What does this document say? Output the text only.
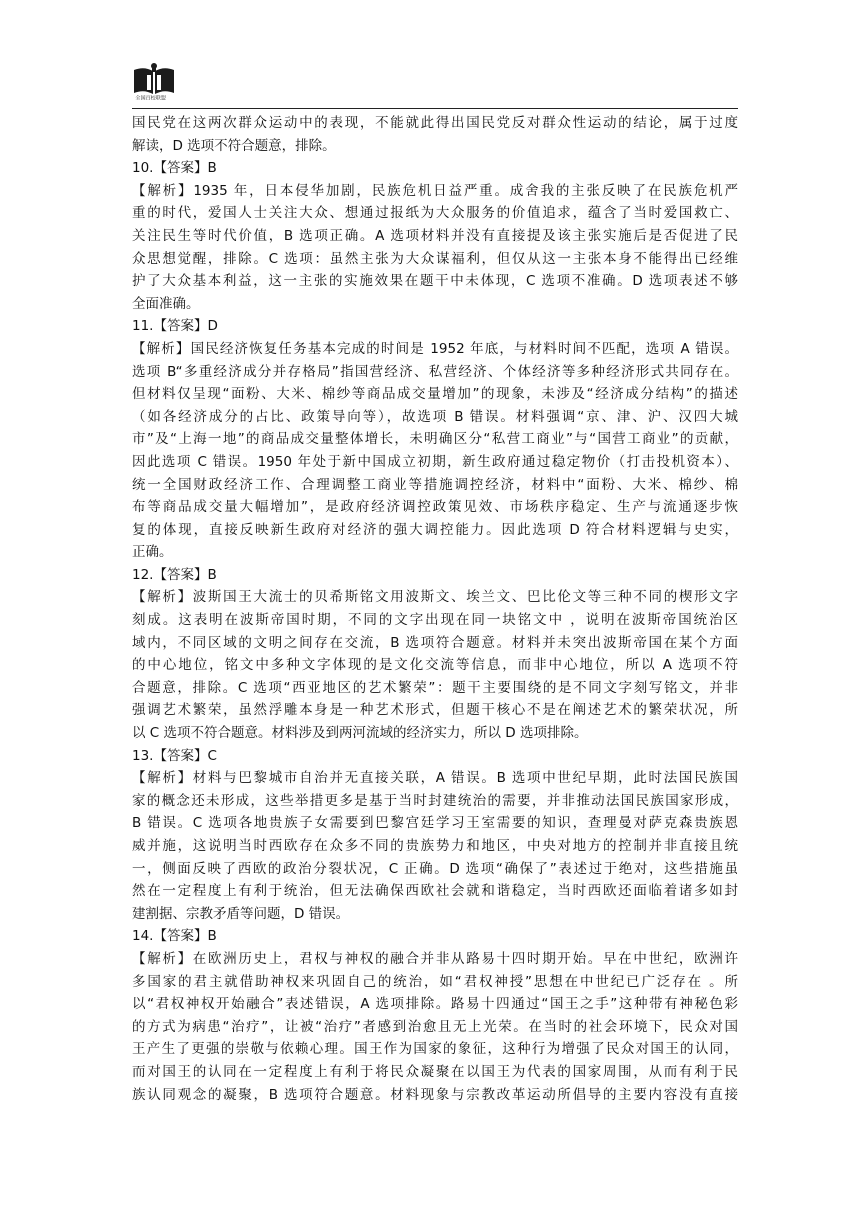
全国百校联盟
国民党在这两次群众运动中的表现，不能就此得出国民党反对群众性运动的结论，属于过度
解读，D 选项不符合题意，排除。
10.【答案】B
【解析】1935 年，日本侵华加剧，民族危机日益严重。成舍我的主张反映了在民族危机严
重的时代，爱国人士关注大众、想通过报纸为大众服务的价值追求，蕴含了当时爱国救亡、
关注民生等时代价值，B 选项正确。A 选项材料并没有直接提及该主张实施后是否促进了民
众思想觉醒，排除。C 选项：虽然主张为大众谋福利，但仅从这一主张本身不能得出已经维
护了大众基本利益，这一主张的实施效果在题干中未体现，C 选项不准确。D 选项表述不够
全面准确。
11.【答案】D
【解析】国民经济恢复任务基本完成的时间是 1952 年底，与材料时间不匹配，选项 A 错误。
选项 B“多重经济成分并存格局”指国营经济、私营经济、个体经济等多种经济形式共同存在。
但材料仅呈现“面粉、大米、棉纱等商品成交量增加”的现象，未涉及“经济成分结构”的描述
（如各经济成分的占比、政策导向等），故选项 B 错误。材料强调“京、津、沪、汉四大城
市”及“上海一地”的商品成交量整体增长，未明确区分“私营工商业”与“国营工商业”的贡献，
因此选项 C 错误。1950 年处于新中国成立初期，新生政府通过稳定物价（打击投机资本）、
统一全国财政经济工作、合理调整工商业等措施调控经济，材料中“面粉、大米、棉纱、棉
布等商品成交量大幅增加”，是政府经济调控政策见效、市场秩序稳定、生产与流通逐步恢
复的体现，直接反映新生政府对经济的强大调控能力。因此选项 D 符合材料逻辑与史实，
正确。
12.【答案】B
【解析】波斯国王大流士的贝希斯铭文用波斯文、埃兰文、巴比伦文等三种不同的楔形文字
刻成。这表明在波斯帝国时期，不同的文字出现在同一块铭文中 ，说明在波斯帝国统治区
域内，不同区域的文明之间存在交流，B 选项符合题意。材料并未突出波斯帝国在某个方面
的中心地位，铭文中多种文字体现的是文化交流等信息，而非中心地位，所以 A 选项不符
合题意，排除。C 选项“西亚地区的艺术繁荣”：题干主要围绕的是不同文字刻写铭文，并非
强调艺术繁荣，虽然浮雕本身是一种艺术形式，但题干核心不是在阐述艺术的繁荣状况，所
以 C 选项不符合题意。材料涉及到两河流域的经济实力，所以 D 选项排除。
13.【答案】C
【解析】材料与巴黎城市自治并无直接关联，A 错误。B 选项中世纪早期，此时法国民族国
家的概念还未形成，这些举措更多是基于当时封建统治的需要，并非推动法国民族国家形成，
B 错误。C 选项各地贵族子女需要到巴黎宫廷学习王室需要的知识，查理曼对萨克森贵族恩
威并施，这说明当时西欧存在众多不同的贵族势力和地区，中央对地方的控制并非直接且统
一，侧面反映了西欧的政治分裂状况，C 正确。D 选项“确保了”表述过于绝对，这些措施虽
然在一定程度上有利于统治，但无法确保西欧社会就和谐稳定，当时西欧还面临着诸多如封
建割据、宗教矛盾等问题，D 错误。
14.【答案】B
【解析】在欧洲历史上，君权与神权的融合并非从路易十四时期开始。早在中世纪，欧洲许
多国家的君主就借助神权来巩固自己的统治，如“君权神授”思想在中世纪已广泛存在 。所
以“君权神权开始融合”表述错误，A 选项排除。路易十四通过“国王之手”这种带有神秘色彩
的方式为病患“治疗”，让被“治疗”者感到治愈且无上光荣。在当时的社会环境下，民众对国
王产生了更强的崇敬与依赖心理。国王作为国家的象征，这种行为增强了民众对国王的认同，
而对国王的认同在一定程度上有利于将民众凝聚在以国王为代表的国家周围，从而有利于民
族认同观念的凝聚，B 选项符合题意。材料现象与宗教改革运动所倡导的主要内容没有直接
